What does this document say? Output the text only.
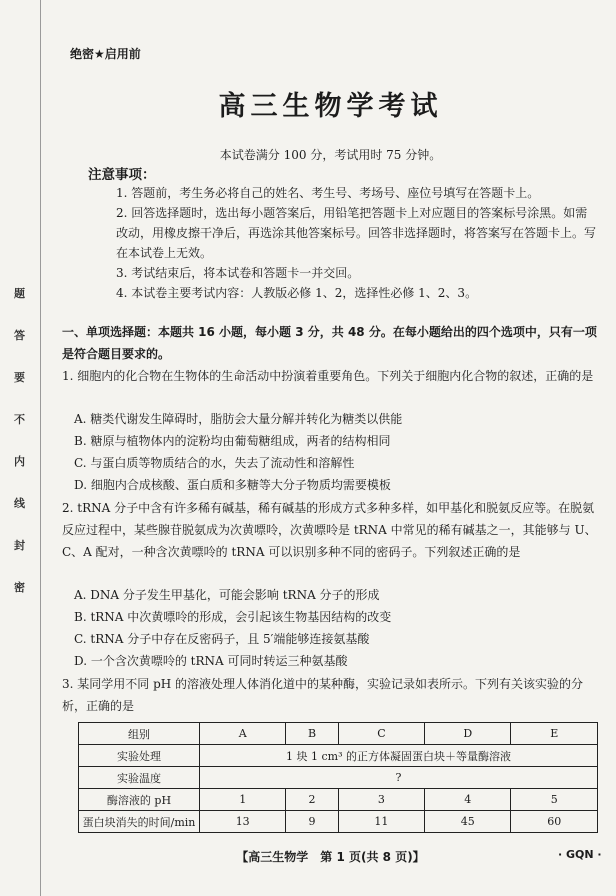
题
答
要
不
内
线
封
密
绝密★启用前
高三生物学考试
本试卷满分 100 分，考试用时 75 分钟。
注意事项：
1. 答题前，考生务必将自己的姓名、考生号、考场号、座位号填写在答题卡上。
2. 回答选择题时，选出每小题答案后，用铅笔把答题卡上对应题目的答案标号涂黑。如需改动，用橡皮擦干净后，再选涂其他答案标号。回答非选择题时，将答案写在答题卡上。写在本试卷上无效。
3. 考试结束后，将本试卷和答题卡一并交回。
4. 本试卷主要考试内容：人教版必修 1、2，选择性必修 1、2、3。
一、单项选择题：本题共 16 小题，每小题 3 分，共 48 分。在每小题给出的四个选项中，只有一项是符合题目要求的。
1. 细胞内的化合物在生物体的生命活动中扮演着重要角色。下列关于细胞内化合物的叙述，正确的是
A. 糖类代谢发生障碍时，脂肪会大量分解并转化为糖类以供能
B. 糖原与植物体内的淀粉均由葡萄糖组成，两者的结构相同
C. 与蛋白质等物质结合的水，失去了流动性和溶解性
D. 细胞内合成核酸、蛋白质和多糖等大分子物质均需要模板
2. tRNA 分子中含有许多稀有碱基，稀有碱基的形成方式多种多样，如甲基化和脱氨反应等。在脱氨反应过程中，某些腺苷脱氨成为次黄嘌呤，次黄嘌呤是 tRNA 中常见的稀有碱基之一，其能够与 U、C、A 配对，一种含次黄嘌呤的 tRNA 可以识别多种不同的密码子。下列叙述正确的是
A. DNA 分子发生甲基化，可能会影响 tRNA 分子的形成
B. tRNA 中次黄嘌呤的形成，会引起该生物基因结构的改变
C. tRNA 分子中存在反密码子，且 5′端能够连接氨基酸
D. 一个含次黄嘌呤的 tRNA 可同时转运三种氨基酸
3. 某同学用不同 pH 的溶液处理人体消化道中的某种酶，实验记录如表所示。下列有关该实验的分析，正确的是
组别	A	B	C	D	E
实验处理	1 块 1 cm³ 的正方体凝固蛋白块＋等量酶溶液				
实验温度	?				
酶溶液的 pH	1	2	3	4	5
蛋白块消失的时间/min	13	9	11	45	60
【高三生物学　第 1 页(共 8 页)】	· GQN ·
